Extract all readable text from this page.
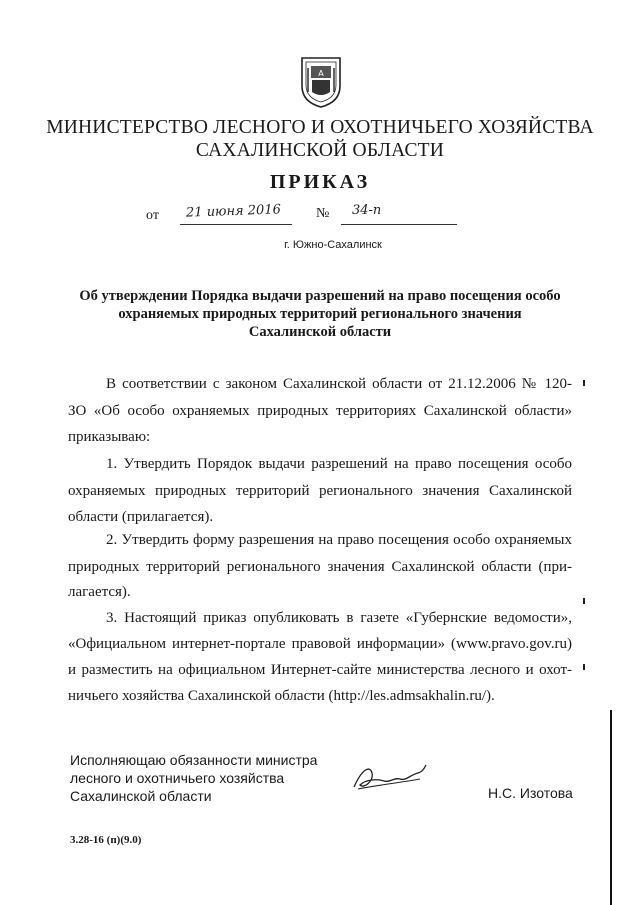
А
МИНИСТЕРСТВО ЛЕСНОГО И ОХОТНИЧЬЕГО ХОЗЯЙСТВА
САХАЛИНСКОЙ ОБЛАСТИ
ПРИКАЗ
от 21 июня 2016 № 34-п
г. Южно-Сахалинск
Об утверждении Порядка выдачи разрешений на право посещения особо
охраняемых природных территорий регионального значения
Сахалинской области
В соответствии с законом Сахалинской области от 21.12.2006 № 120-
ЗО «Об особо охраняемых природных территориях Сахалинской области»
приказываю:
1. Утвердить Порядок выдачи разрешений на право посещения особо
охраняемых природных территорий регионального значения Сахалинской
области (прилагается).
2. Утвердить форму разрешения на право посещения особо охраняемых
природных территорий регионального значения Сахалинской области (при-
лагается).
3. Настоящий приказ опубликовать в газете «Губернские ведомости»,
«Официальном интернет-портале правовой информации» (www.pravo.gov.ru)
и разместить на официальном Интернет-сайте министерства лесного и охот-
ничьего хозяйства Сахалинской области (http://les.admsakhalin.ru/).
Исполняющаю обязанности министра
лесного и охотничьего хозяйства
Сахалинской области	Н.С. Изотова
3.28-16 (п)(9.0)
